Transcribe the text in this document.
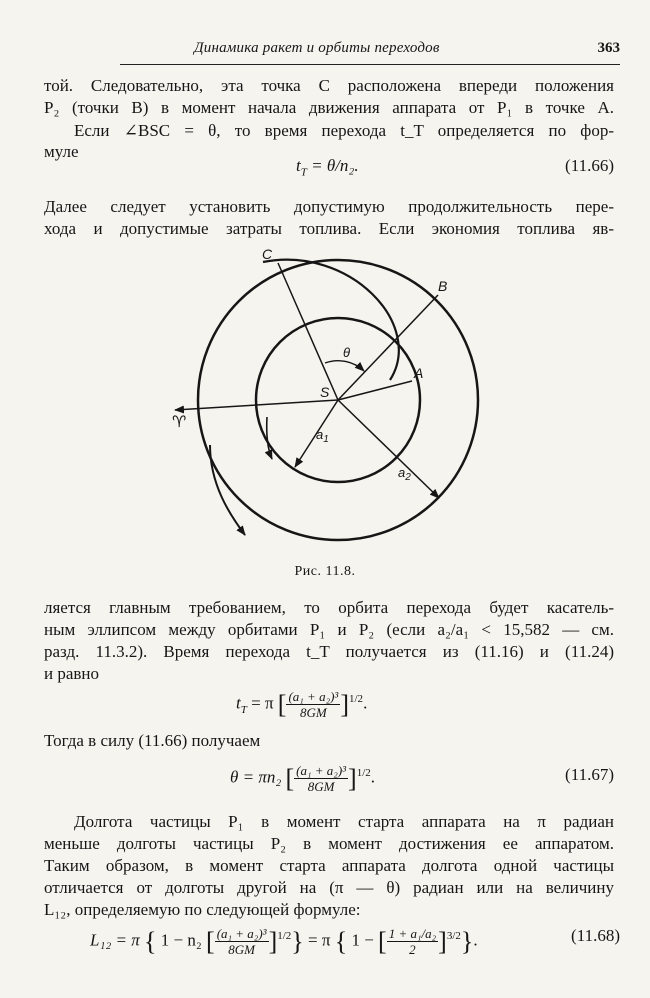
Динамика ракет и орбиты переходов	363
той. Следовательно, эта точка C расположена впереди положения
P₂ (точки B) в момент начала движения аппарата от P₁ в точке A.
Если ∠BSC = θ, то время перехода t_T определяется по фор-
муле
$t_T = \theta/n_2$.	(11.66)
Далее следует установить допустимую продолжительность пере-
хода и допустимые затраты топлива. Если экономия топлива яв-
C
B
A
S
θ
$a_1$
$a_2$
♈
Рис. 11.8.
ляется главным требованием, то орбита перехода будет касатель-
ным эллипсом между орбитами P₁ и P₂ (если a₂/a₁ < 15,582 — см.
разд. 11.3.2). Время перехода t_T получается из (11.16) и (11.24)
и равно
$t_T = \pi$ [ $\frac{\text{(a₁ + a₂)³}}{8GM} ]^{1/2}$.
Тогда в силу (11.66) получаем
θ = πn₂ [ $\frac{\text{(a₁ + a₂)³}}{8GM} ]^{1/2}$.	(11.67)
Долгота частицы P₁ в момент старта аппарата на π радиан
меньше долготы частицы P₂ в момент достижения ее аппаратом.
Таким образом, в момент старта аппарата долгота одной частицы
отличается от долготы другой на (π — θ) радиан или на величину
L₁₂, определяемую по следующей формуле:
L₁₂ = π { 1 − n₂ [ $\frac{\text{(a₁ + a₂)³}}{8GM} ]^{1/2}\} = \pi$ { 1 − [ $\frac{\text{1 + a₁/a₂}}{2} ]^{3/2}$}.	(11.68)
